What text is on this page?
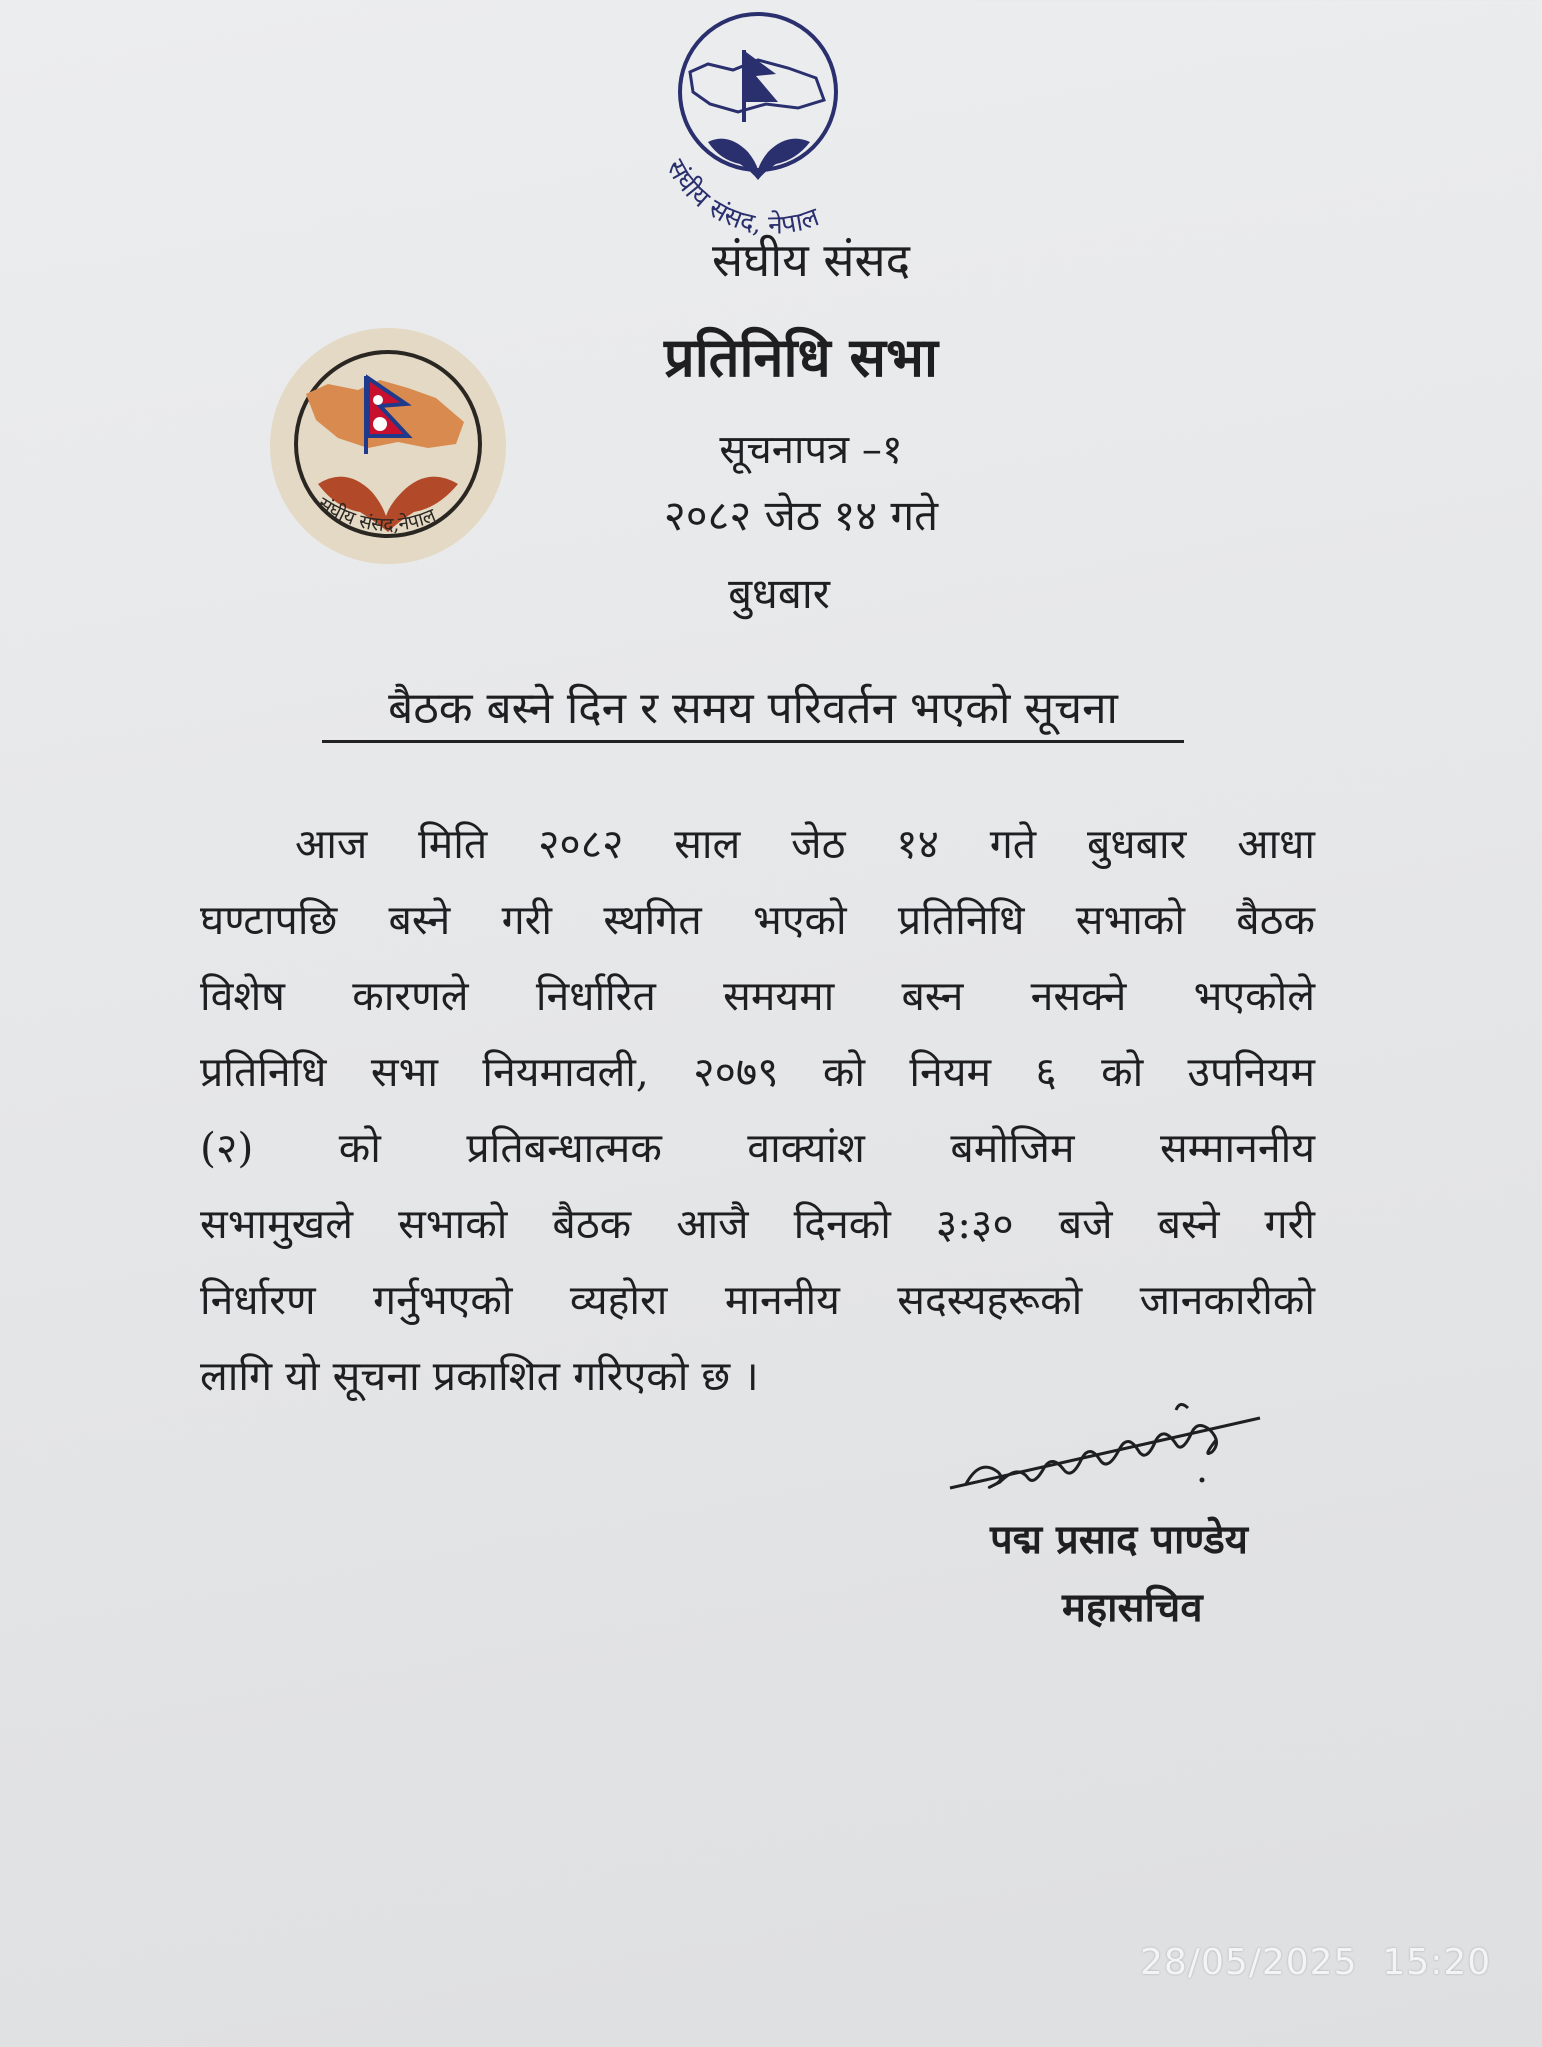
संघीय संसद, नेपाल
संघीय संसद,नेपाल
संघीय संसद
प्रतिनिधि सभा
सूचनापत्र –१
२०८२ जेठ १४ गते
बुधबार
बैठक बस्ने दिन र समय परिवर्तन भएको सूचना
आज मिति २०८२ साल जेठ १४ गते बुधबार आधा
घण्टापछि बस्ने गरी स्थगित भएको प्रतिनिधि सभाको बैठक
विशेष कारणले निर्धारित समयमा बस्न नसक्ने भएकोले
प्रतिनिधि सभा नियमावली, २०७९ को नियम ६ को उपनियम
(२) को प्रतिबन्धात्मक वाक्यांश बमोजिम सम्माननीय
सभामुखले सभाको बैठक आजै दिनको ३:३० बजे बस्ने गरी
निर्धारण गर्नुभएको व्यहोरा माननीय सदस्यहरूको जानकारीको
लागि यो सूचना प्रकाशित गरिएको छ ।
पद्म प्रसाद पाण्डेय
महासचिव
28/05/2025  15:20
